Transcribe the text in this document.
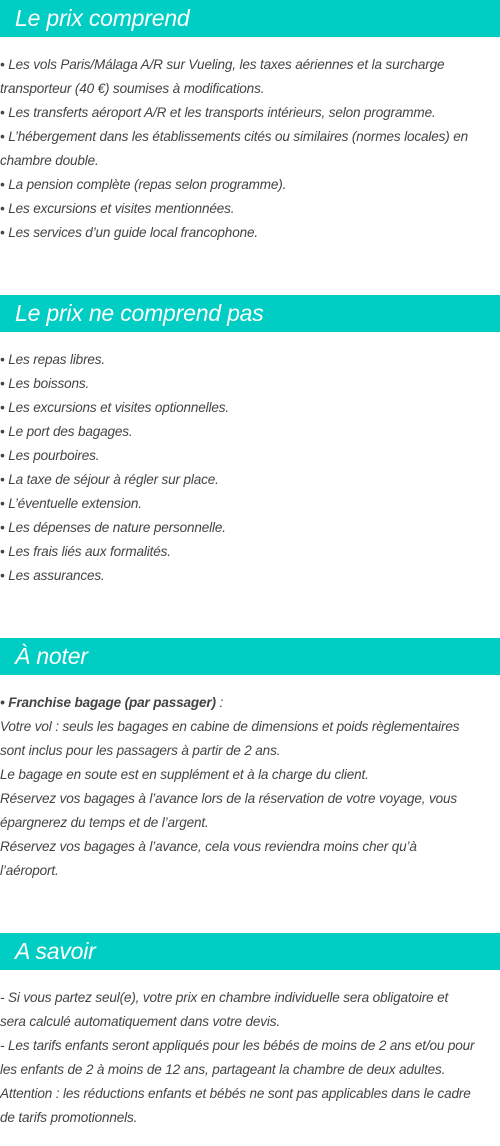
Le prix comprend
• Les vols Paris/Málaga A/R sur Vueling, les taxes aériennes et la surcharge
transporteur (40 €) soumises à modifications.
• Les transferts aéroport A/R et les transports intérieurs, selon programme.
• L’hébergement dans les établissements cités ou similaires (normes locales) en
chambre double.
• La pension complète (repas selon programme).
• Les excursions et visites mentionnées.
• Les services d’un guide local francophone.
Le prix ne comprend pas
• Les repas libres.
• Les boissons.
• Les excursions et visites optionnelles.
• Le port des bagages.
• Les pourboires.
• La taxe de séjour à régler sur place.
• L’éventuelle extension.
• Les dépenses de nature personnelle.
• Les frais liés aux formalités.
• Les assurances.
À noter
• Franchise bagage (par passager) :
Votre vol : seuls les bagages en cabine de dimensions et poids règlementaires
sont inclus pour les passagers à partir de 2 ans.
Le bagage en soute est en supplément et à la charge du client.
Réservez vos bagages à l’avance lors de la réservation de votre voyage, vous
épargnerez du temps et de l’argent.
Réservez vos bagages à l’avance, cela vous reviendra moins cher qu’à
l’aéroport.
A savoir
- Si vous partez seul(e), votre prix en chambre individuelle sera obligatoire et
sera calculé automatiquement dans votre devis.
- Les tarifs enfants seront appliqués pour les bébés de moins de 2 ans et/ou pour
les enfants de 2 à moins de 12 ans, partageant la chambre de deux adultes.
Attention : les réductions enfants et bébés ne sont pas applicables dans le cadre
de tarifs promotionnels.
